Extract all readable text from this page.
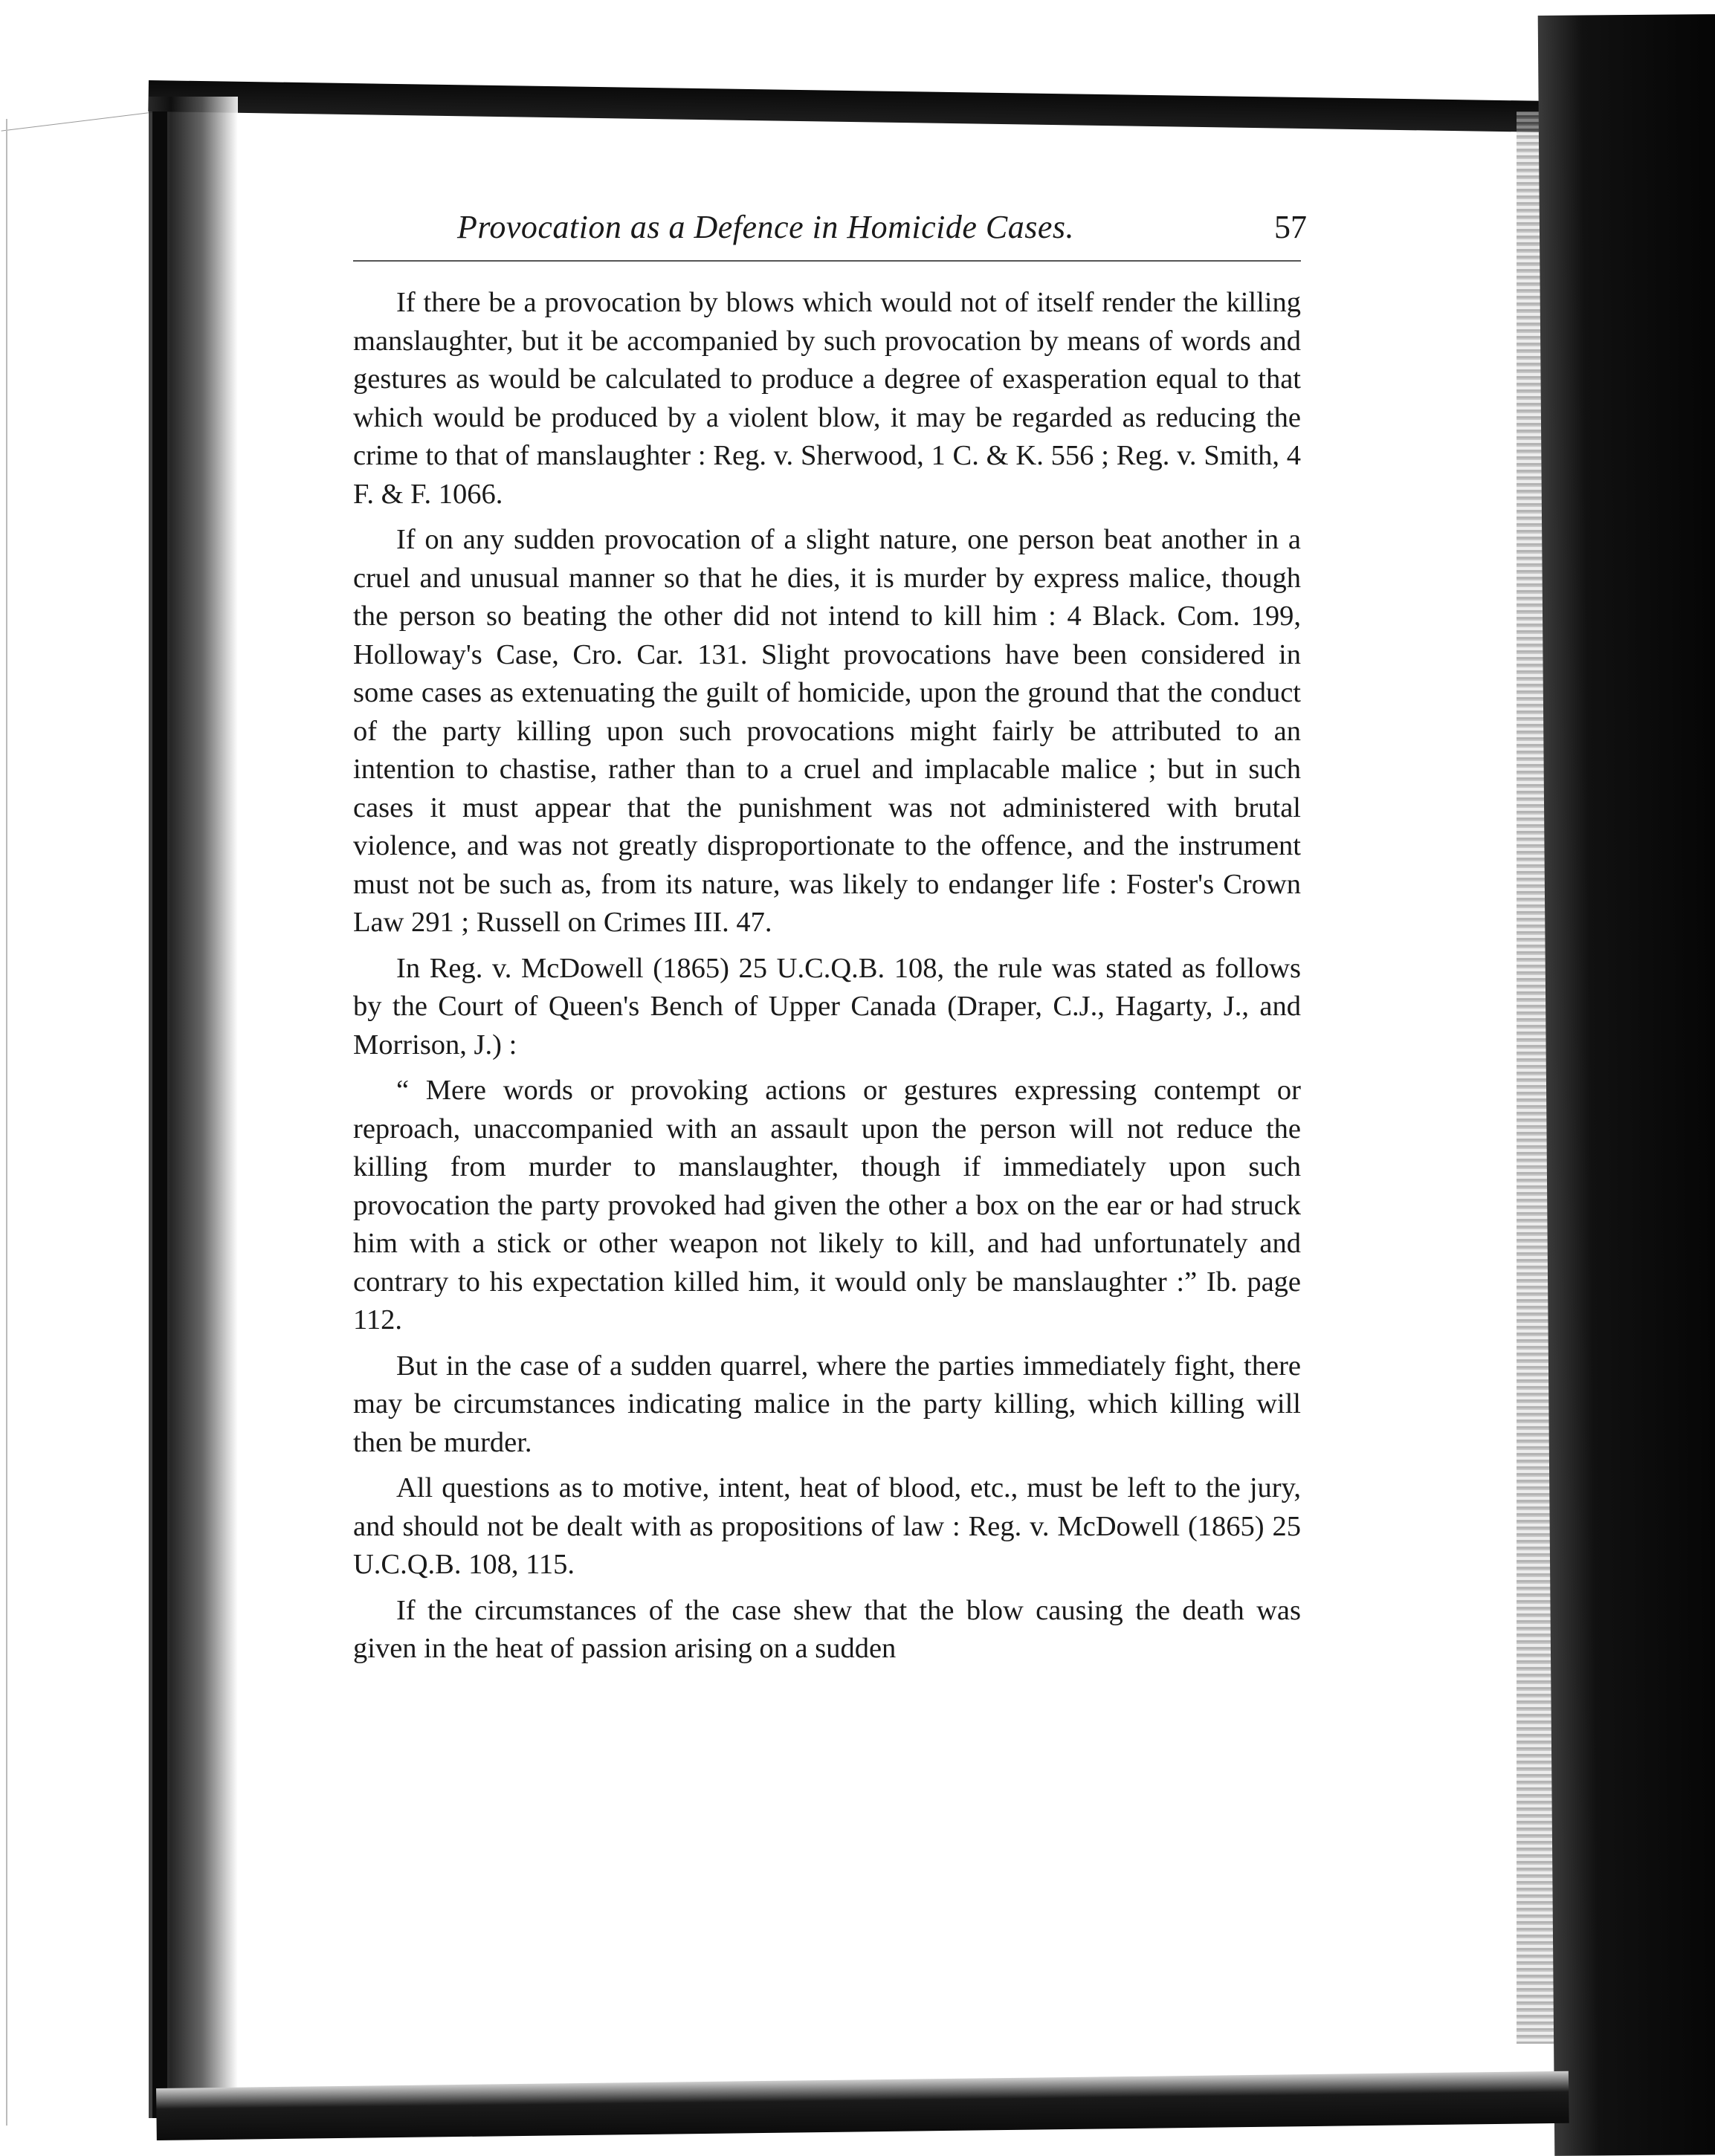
Provocation as a Defence in Homicide Cases.	57

If there be a provocation by blows which would not of itself render the killing manslaughter, but it be accompanied by such provocation by means of words and gestures as would be calculated to produce a degree of exasperation equal to that which would be produced by a violent blow, it may be regarded as reducing the crime to that of manslaughter : Reg. v. Sherwood, 1 C. & K. 556 ; Reg. v. Smith, 4 F. & F. 1066.

If on any sudden provocation of a slight nature, one person beat another in a cruel and unusual manner so that he dies, it is murder by express malice, though the person so beating the other did not intend to kill him : 4 Black. Com. 199, Holloway's Case, Cro. Car. 131. Slight provocations have been considered in some cases as extenuating the guilt of homicide, upon the ground that the conduct of the party killing upon such provocations might fairly be attributed to an intention to chastise, rather than to a cruel and implacable malice ; but in such cases it must appear that the punishment was not administered with brutal violence, and was not greatly disproportionate to the offence, and the instrument must not be such as, from its nature, was likely to endanger life : Foster's Crown Law 291 ; Russell on Crimes III. 47.

In Reg. v. McDowell (1865) 25 U.C.Q.B. 108, the rule was stated as follows by the Court of Queen's Bench of Upper Canada (Draper, C.J., Hagarty, J., and Morrison, J.) :

“ Mere words or provoking actions or gestures expressing contempt or reproach, unaccompanied with an assault upon the person will not reduce the killing from murder to manslaughter, though if immediately upon such provocation the party provoked had given the other a box on the ear or had struck him with a stick or other weapon not likely to kill, and had unfortunately and contrary to his expectation killed him, it would only be manslaughter :” Ib. page 112.

But in the case of a sudden quarrel, where the parties immediately fight, there may be circumstances indicating malice in the party killing, which killing will then be murder.

All questions as to motive, intent, heat of blood, etc., must be left to the jury, and should not be dealt with as propositions of law : Reg. v. McDowell (1865) 25 U.C.Q.B. 108, 115.

If the circumstances of the case shew that the blow causing the death was given in the heat of passion arising on a sudden
